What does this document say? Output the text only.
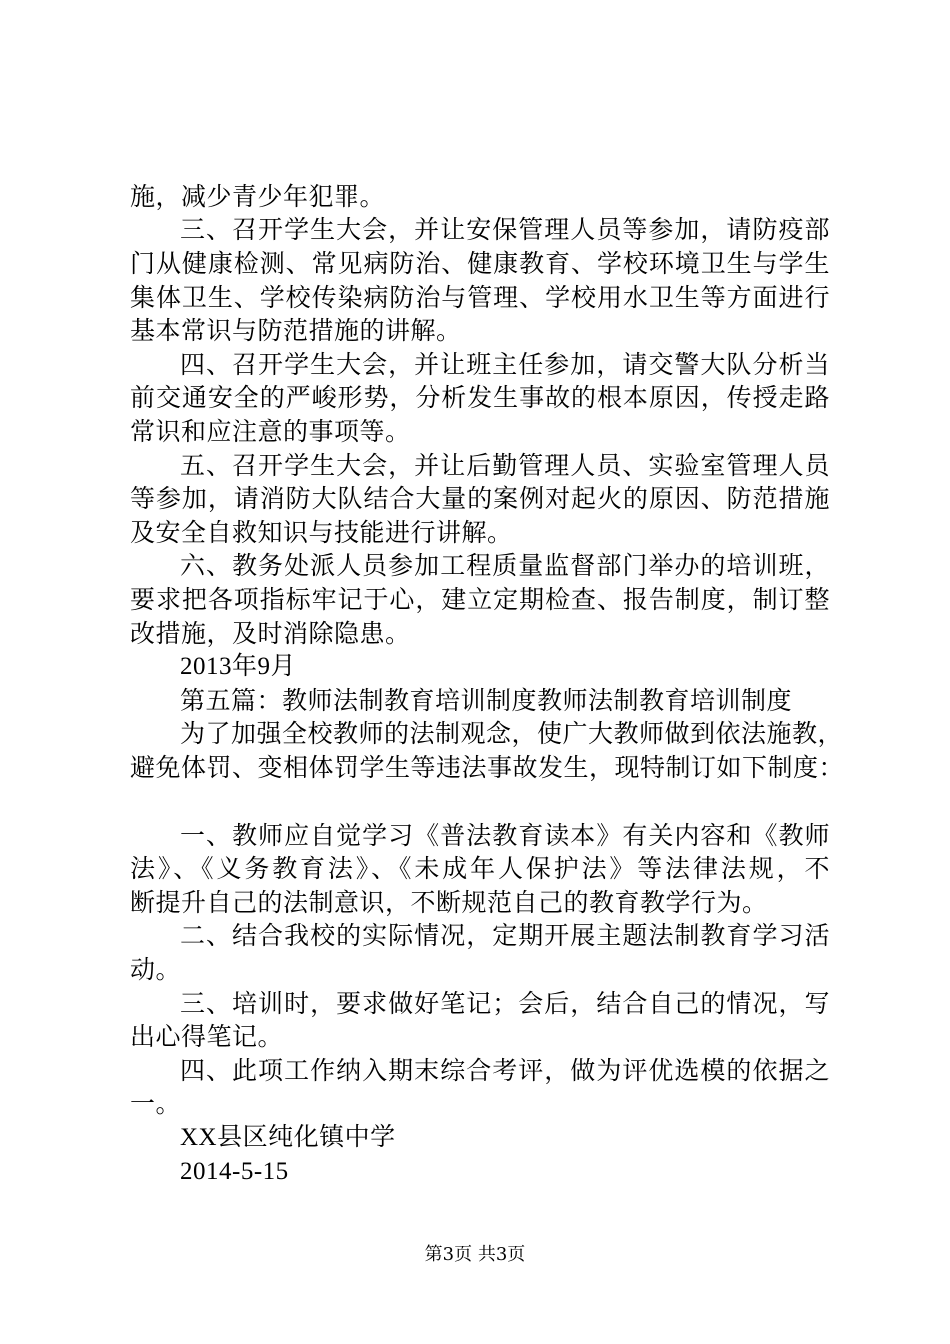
施，减少青少年犯罪。
三、召开学生大会，并让安保管理人员等参加，请防疫部
门从健康检测、常见病防治、健康教育、学校环境卫生与学生
集体卫生、学校传染病防治与管理、学校用水卫生等方面进行
基本常识与防范措施的讲解。
四、召开学生大会，并让班主任参加，请交警大队分析当
前交通安全的严峻形势，分析发生事故的根本原因，传授走路
常识和应注意的事项等。
五、召开学生大会，并让后勤管理人员、实验室管理人员
等参加，请消防大队结合大量的案例对起火的原因、防范措施
及安全自救知识与技能进行讲解。
六、教务处派人员参加工程质量监督部门举办的培训班，
要求把各项指标牢记于心，建立定期检查、报告制度，制订整
改措施，及时消除隐患。
2013年9月
第五篇：教师法制教育培训制度教师法制教育培训制度
为了加强全校教师的法制观念，使广大教师做到依法施教，
避免体罚、变相体罚学生等违法事故发生，现特制订如下制度：
一、教师应自觉学习《普法教育读本》有关内容和《教师
法》、《义务教育法》、《未成年人保护法》等法律法规，不
断提升自己的法制意识，不断规范自己的教育教学行为。
二、结合我校的实际情况，定期开展主题法制教育学习活
动。
三、培训时，要求做好笔记；会后，结合自己的情况，写
出心得笔记。
四、此项工作纳入期末综合考评，做为评优选模的依据之
一。
XX县区纯化镇中学
2014-5-15
第3页 共3页
